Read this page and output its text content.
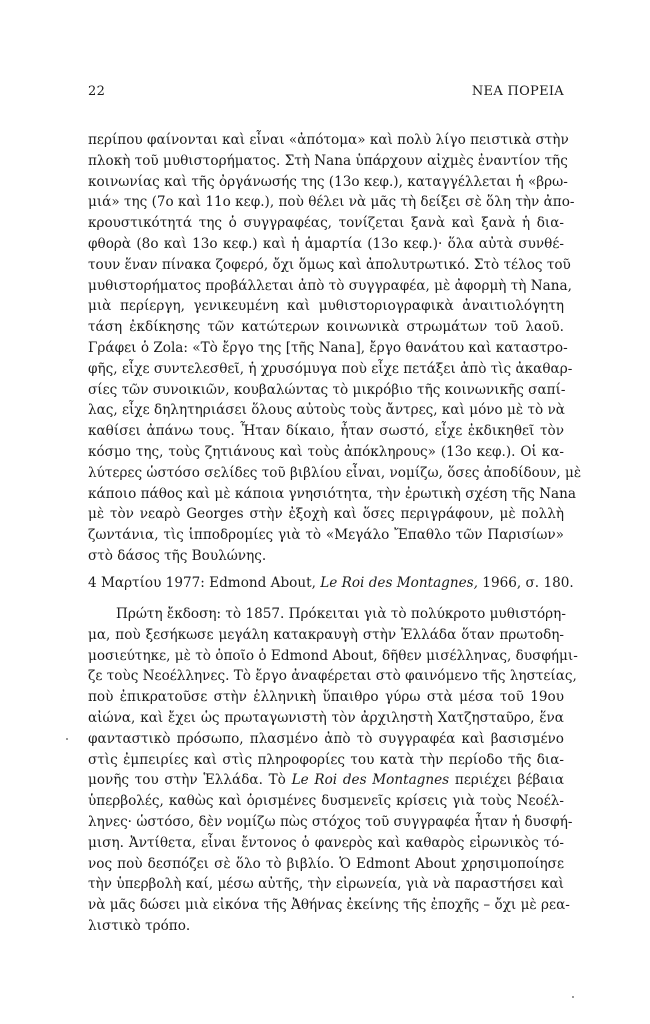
22	ΝΕΑ ΠΟΡΕΙΑ
περίπου φαίνονται καὶ εἶναι «ἀπότομα» καὶ πολὺ λίγο πειστικὰ στὴν
πλοκὴ τοῦ μυθιστορήματος. Στὴ Nana ὑπάρχουν αἰχμὲς ἐναντίον τῆς
κοινωνίας καὶ τῆς ὀργάνωσής της (13ο κεφ.), καταγγέλλεται ἡ «βρω-
μιά» της (7ο καὶ 11ο κεφ.), ποὺ θέλει νὰ μᾶς τὴ δείξει σὲ ὅλη τὴν ἀπο-
κρουστικότητά της ὁ συγγραφέας, τονίζεται ξανὰ καὶ ξανὰ ἡ δια-
φθορὰ (8ο καὶ 13ο κεφ.) καὶ ἡ ἁμαρτία (13ο κεφ.)· ὅλα αὐτὰ συνθέ-
τουν ἕναν πίνακα ζοφερό, ὄχι ὅμως καὶ ἀπολυτρωτικό. Στὸ τέλος τοῦ
μυθιστορήματος προβάλλεται ἀπὸ τὸ συγγραφέα, μὲ ἀφορμὴ τὴ Nana,
μιὰ περίεργη, γενικευμένη καὶ μυθιστοριογραφικὰ ἀναιτιολόγητη
τάση ἐκδίκησης τῶν κατώτερων κοινωνικὰ στρωμάτων τοῦ λαοῦ.
Γράφει ὁ Zola: «Τὸ ἔργο της [τῆς Nana], ἔργο θανάτου καὶ καταστρο-
φῆς, εἶχε συντελεσθεῖ, ἡ χρυσόμυγα ποὺ εἶχε πετάξει ἀπὸ τὶς ἀκαθαρ-
σίες τῶν συνοικιῶν, κουβαλώντας τὸ μικρόβιο τῆς κοινωνικῆς σαπί-
λας, εἶχε δηλητηριάσει ὅλους αὐτοὺς τοὺς ἄντρες, καὶ μόνο μὲ τὸ νὰ
καθίσει ἀπάνω τους. Ἦταν δίκαιο, ἦταν σωστό, εἶχε ἐκδικηθεῖ τὸν
κόσμο της, τοὺς ζητιάνους καὶ τοὺς ἀπόκληρους» (13ο κεφ.). Οἱ κα-
λύτερες ὡστόσο σελίδες τοῦ βιβλίου εἶναι, νομίζω, ὅσες ἀποδίδουν, μὲ
κάποιο πάθος καὶ μὲ κάποια γνησιότητα, τὴν ἐρωτικὴ σχέση τῆς Nana
μὲ τὸν νεαρὸ Georges στὴν ἐξοχὴ καὶ ὅσες περιγράφουν, μὲ πολλὴ
ζωντάνια, τὶς ἱπποδρομίες γιὰ τὸ «Μεγάλο Ἔπαθλο τῶν Παρισίων»
στὸ δάσος τῆς Βουλώνης.
4 Μαρτίου 1977: Edmond About, Le Roi des Montagnes, 1966, σ. 180.
Πρώτη ἔκδοση: τὸ 1857. Πρόκειται γιὰ τὸ πολύκροτο μυθιστόρη-
μα, ποὺ ξεσήκωσε μεγάλη κατακραυγὴ στὴν Ἑλλάδα ὅταν πρωτοδη-
μοσιεύτηκε, μὲ τὸ ὁποῖο ὁ Edmond About, δῆθεν μισέλληνας, δυσφήμι-
ζε τοὺς Νεοέλληνες. Τὸ ἔργο ἀναφέρεται στὸ φαινόμενο τῆς ληστείας,
ποὺ ἐπικρατοῦσε στὴν ἑλληνικὴ ὕπαιθρο γύρω στὰ μέσα τοῦ 19ου
αἰώνα, καὶ ἔχει ὡς πρωταγωνιστὴ τὸν ἀρχιληστὴ Χατζησταῦρο, ἕνα
φανταστικὸ πρόσωπο, πλασμένο ἀπὸ τὸ συγγραφέα καὶ βασισμένο
στὶς ἐμπειρίες καὶ στὶς πληροφορίες του κατὰ τὴν περίοδο τῆς δια-
μονῆς του στὴν Ἑλλάδα. Τὸ Le Roi des Montagnes περιέχει βέβαια
ὑπερβολές, καθὼς καὶ ὁρισμένες δυσμενεῖς κρίσεις γιὰ τοὺς Νεοέλ-
ληνες· ὡστόσο, δὲν νομίζω πὼς στόχος τοῦ συγγραφέα ἦταν ἡ δυσφή-
μιση. Ἀντίθετα, εἶναι ἔντονος ὁ φανερὸς καὶ καθαρὸς εἰρωνικὸς τό-
νος ποὺ δεσπόζει σὲ ὅλο τὸ βιβλίο. Ὁ Edmont About χρησιμοποίησε
τὴν ὑπερβολὴ καί, μέσω αὐτῆς, τὴν εἰρωνεία, γιὰ νὰ παραστήσει καὶ
νὰ μᾶς δώσει μιὰ εἰκόνα τῆς Ἀθήνας ἐκείνης τῆς ἐποχῆς – ὄχι μὲ ρεα-
λιστικὸ τρόπο.
